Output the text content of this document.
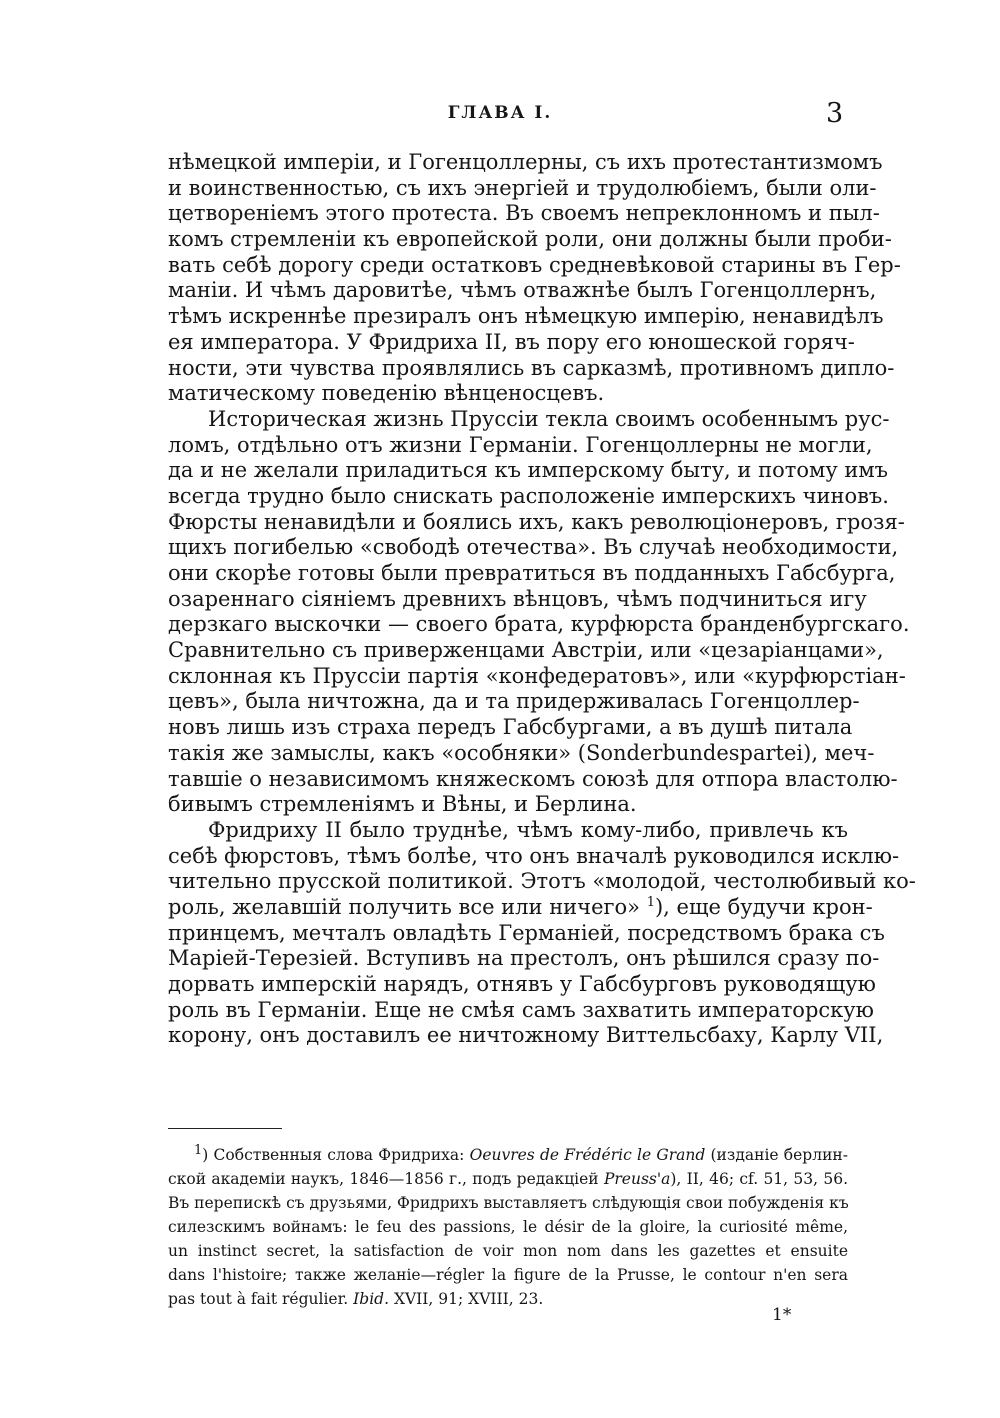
ГЛАВА I.	3
нѣмецкой имперіи, и Гогенцоллерны, съ ихъ протестантизмомъ
и воинственностью, съ ихъ энергіей и трудолюбіемъ, были оли-
цетвореніемъ этого протеста. Въ своемъ непреклонномъ и пыл-
комъ стремленіи къ европейской роли, они должны были проби-
вать себѣ дорогу среди остатковъ средневѣковой старины въ Гер-
маніи. И чѣмъ даровитѣе, чѣмъ отважнѣе былъ Гогенцоллернъ,
тѣмъ искреннѣе презиралъ онъ нѣмецкую имперію, ненавидѣлъ
ея императора. У Фридриха II, въ пору его юношеской горяч-
ности, эти чувства проявлялись въ сарказмѣ, противномъ дипло-
матическому поведенію вѣнценосцевъ.
Историческая жизнь Пруссіи текла своимъ особеннымъ рус-
ломъ, отдѣльно отъ жизни Германіи. Гогенцоллерны не могли,
да и не желали приладиться къ имперскому быту, и потому имъ
всегда трудно было снискать расположеніе имперскихъ чиновъ.
Фюрсты ненавидѣли и боялись ихъ, какъ революціонеровъ, грозя-
щихъ погибелью «свободѣ отечества». Въ случаѣ необходимости,
они скорѣе готовы были превратиться въ подданныхъ Габсбурга,
озареннаго сіяніемъ древнихъ вѣнцовъ, чѣмъ подчиниться игу
дерзкаго выскочки — своего брата, курфюрста бранденбургскаго.
Сравнительно съ приверженцами Австріи, или «цезаріанцами»,
склонная къ Пруссіи партія «конфедератовъ», или «курфюрстіан-
цевъ», была ничтожна, да и та придерживалась Гогенцоллер-
новъ лишь изъ страха передъ Габсбургами, а въ душѣ питала
такія же замыслы, какъ «особняки» (Sonderbundespartei), меч-
тавшіе о независимомъ княжескомъ союзѣ для отпора властолю-
бивымъ стремленіямъ и Вѣны, и Берлина.
Фридриху II было труднѣе, чѣмъ кому-либо, привлечь къ
себѣ фюрстовъ, тѣмъ болѣе, что онъ вначалѣ руководился исклю-
чительно прусской политикой. Этотъ «молодой, честолюбивый ко-
роль, желавшій получить все или ничего» $^1$), еще будучи крон-
принцемъ, мечталъ овладѣть Германіей, посредствомъ брака съ
Маріей-Терезіей. Вступивъ на престолъ, онъ рѣшился сразу по-
дорвать имперскій нарядъ, отнявъ у Габсбурговъ руководящую
роль въ Германіи. Еще не смѣя самъ захватить императорскую
корону, онъ доставилъ ее ничтожному Виттельсбаху, Карлу VII,
$^1$) Собственныя слова Фридриха: Oeuvres de Frédéric le Grand (изданіе берлин-
ской академіи наукъ, 1846—1856 г., подъ редакціей Preuss'a), II, 46; cf. 51, 53, 56.
Въ перепискѣ съ друзьями, Фридрихъ выставляетъ слѣдующія свои побужденія къ
силезскимъ войнамъ: le feu des passions, le désir de la gloire, la curiosité même,
un instinct secret, la satisfaction de voir mon nom dans les gazettes et ensuite
dans l'histoire; также желаніе—régler la figure de la Prusse, le contour n'en sera
pas tout à fait régulier. Ibid. XVII, 91; XVIII, 23.
1*
